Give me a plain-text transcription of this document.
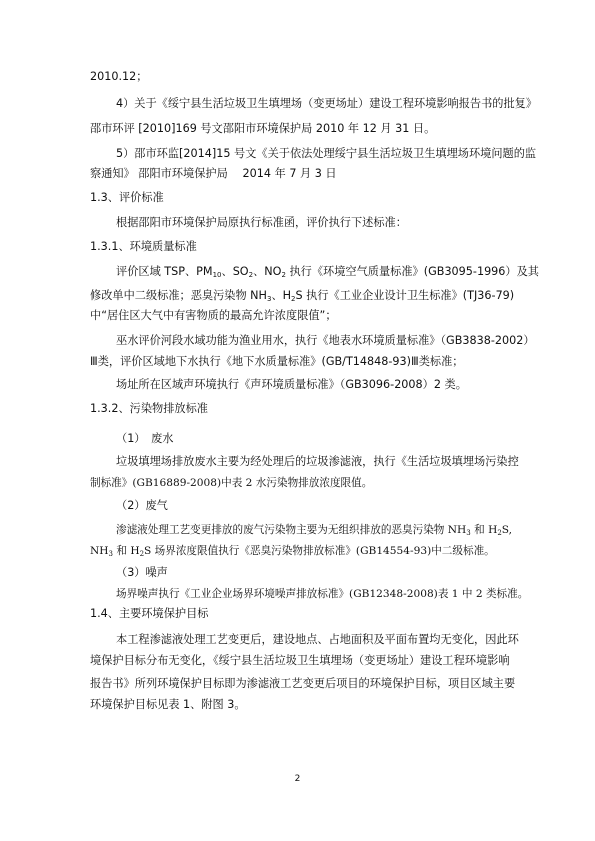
2010.12；
4）关于《绥宁县生活垃圾卫生填埋场（变更场址）建设工程环境影响报告书的批复》
邵市环评 [2010]169 号文邵阳市环境保护局 2010 年 12 月 31 日。
5）邵市环监[2014]15 号文《关于依法处理绥宁县生活垃圾卫生填埋场环境问题的监
察通知》 邵阳市环境保护局　 2014 年 7 月 3 日
1.3、评价标准
根据邵阳市环境保护局原执行标准函，评价执行下述标准：
1.3.1、环境质量标准
评价区域 TSP、$PM_{10}$、$SO_2$、$NO_2$ 执行《环境空气质量标准》(GB3095-1996）及其
修改单中二级标准；恶臭污染物 $NH_3$、$H_2S$ 执行《工业企业设计卫生标准》(TJ36-79)
中“居住区大气中有害物质的最高允许浓度限值”；
巫水评价河段水域功能为渔业用水，执行《地表水环境质量标准》（GB3838-2002）
Ⅲ类，评价区域地下水执行《地下水质量标准》(GB/T14848-93)Ⅲ类标准；
场址所在区域声环境执行《声环境质量标准》（GB3096-2008）2 类。
1.3.2、污染物排放标准
（1）　废水
垃圾填埋场排放废水主要为经处理后的垃圾渗滤液，执行《生活垃圾填埋场污染控
制标准》(GB16889-2008)中表 2 水污染物排放浓度限值。
（2）废气
渗滤液处理工艺变更排放的废气污染物主要为无组织排放的恶臭污染物 $NH_3$ 和 $H_2S$,
$NH_3$ 和 $H_2S$ 场界浓度限值执行《恶臭污染物排放标准》(GB14554-93)中二级标准。
（3）噪声
场界噪声执行《工业企业场界环境噪声排放标准》(GB12348-2008)表 1 中 2 类标准。
1.4、主要环境保护目标
本工程渗滤液处理工艺变更后，建设地点、占地面积及平面布置均无变化，因此环
境保护目标分布无变化，《绥宁县生活垃圾卫生填埋场（变更场址）建设工程环境影响
报告书》所列环境保护目标即为渗滤液工艺变更后项目的环境保护目标，项目区域主要
环境保护目标见表 1、附图 3。
2
